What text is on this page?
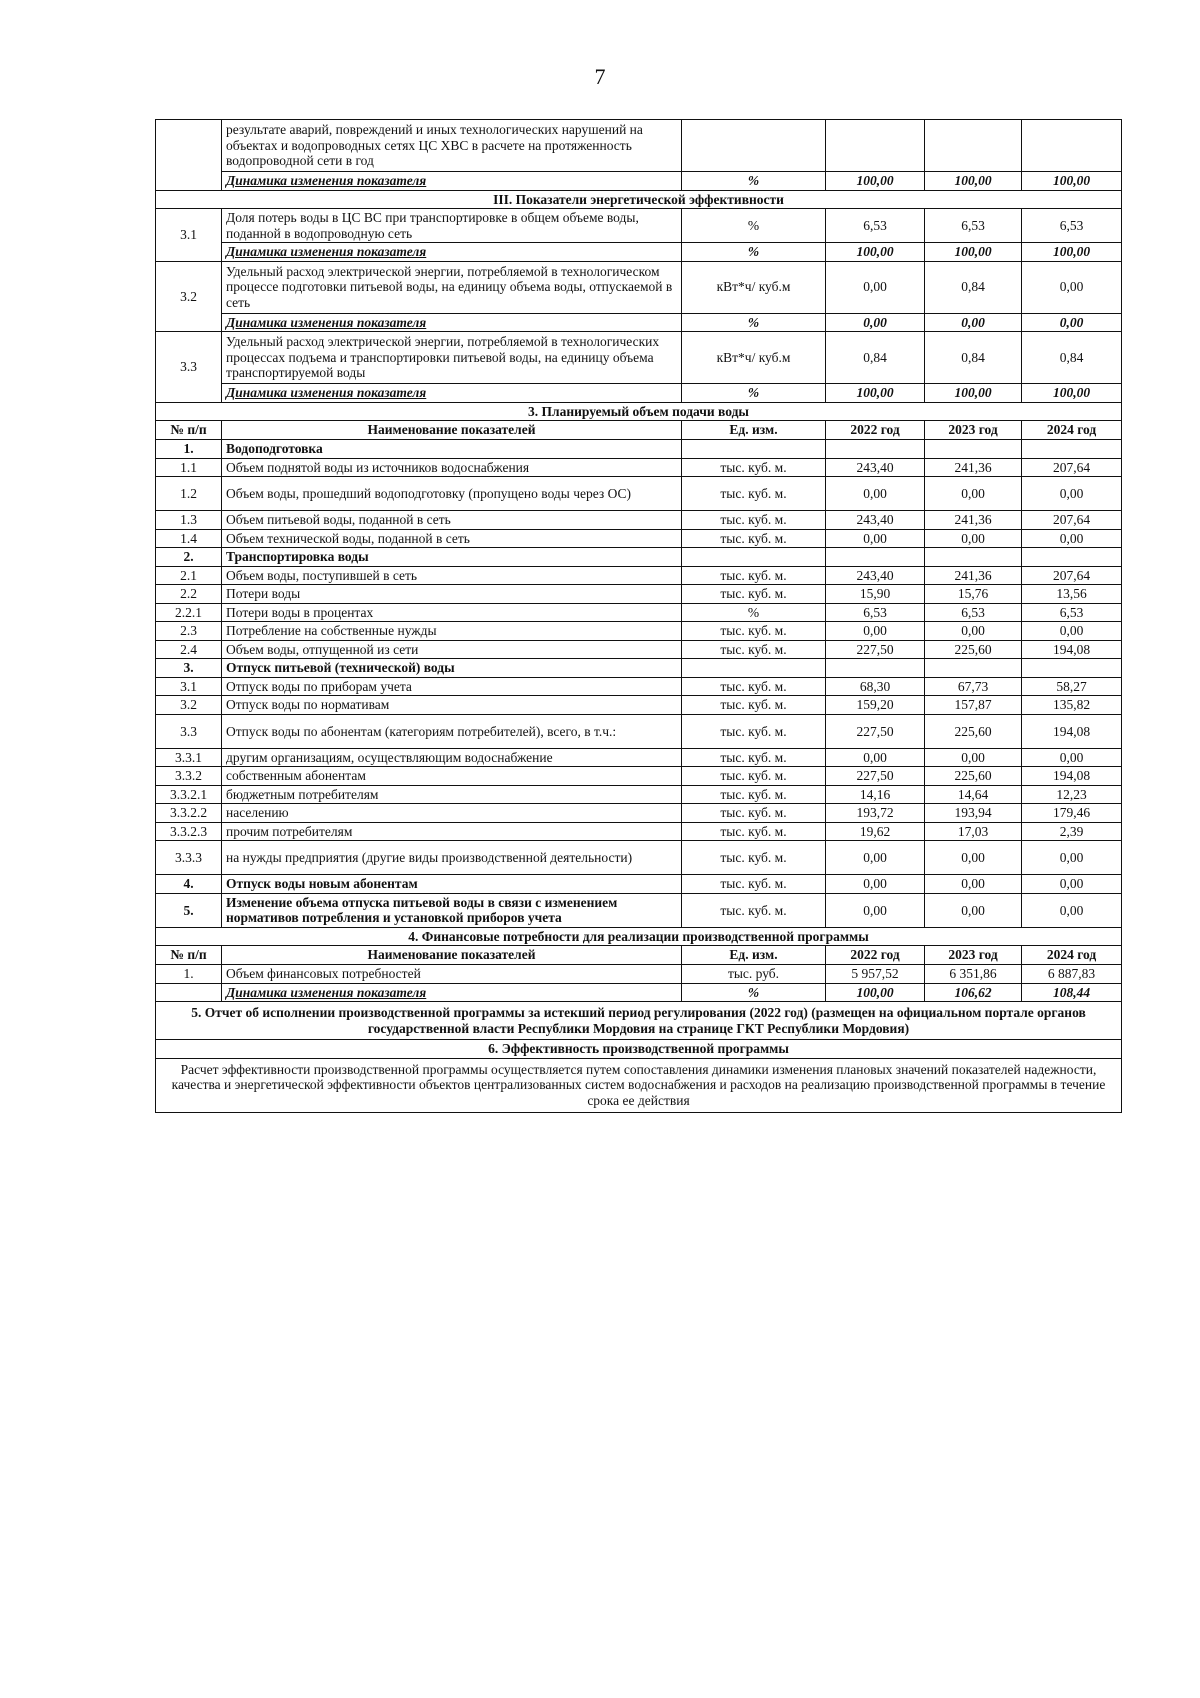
7
	результате аварий, повреждений и иных технологических нарушений на объектах и водопроводных сетях ЦС ХВС в расчете на протяженность водопроводной сети в год				
	Динамика изменения показателя	%	100,00	100,00	100,00
III. Показатели энергетической эффективности					
3.1	Доля потерь воды в ЦС ВС при транспортировке в общем объеме воды, поданной в водопроводную сеть	%	6,53	6,53	6,53
	Динамика изменения показателя	%	100,00	100,00	100,00
3.2	Удельный расход электрической энергии, потребляемой в технологическом процессе подготовки питьевой воды, на единицу объема воды, отпускаемой в сеть	кВт*ч/ куб.м	0,00	0,84	0,00
	Динамика изменения показателя	%	0,00	0,00	0,00
3.3	Удельный расход электрической энергии, потребляемой в технологических процессах подъема и транспортировки питьевой воды, на единицу объема транспортируемой воды	кВт*ч/ куб.м	0,84	0,84	0,84
	Динамика изменения показателя	%	100,00	100,00	100,00
3. Планируемый объем подачи воды					
№ п/п	Наименование показателей	Ед. изм.	2022 год	2023 год	2024 год
1.	Водоподготовка				
1.1	Объем поднятой воды из источников водоснабжения	тыс. куб. м.	243,40	241,36	207,64
1.2	Объем воды, прошедший водоподготовку (пропущено воды через ОС)	тыс. куб. м.	0,00	0,00	0,00
1.3	Объем питьевой воды, поданной в сеть	тыс. куб. м.	243,40	241,36	207,64
1.4	Объем технической воды, поданной в сеть	тыс. куб. м.	0,00	0,00	0,00
2.	Транспортировка воды				
2.1	Объем воды, поступившей в сеть	тыс. куб. м.	243,40	241,36	207,64
2.2	Потери воды	тыс. куб. м.	15,90	15,76	13,56
2.2.1	Потери воды в процентах	%	6,53	6,53	6,53
2.3	Потребление на собственные нужды	тыс. куб. м.	0,00	0,00	0,00
2.4	Объем воды, отпущенной из сети	тыс. куб. м.	227,50	225,60	194,08
3.	Отпуск питьевой (технической) воды				
3.1	Отпуск воды по приборам учета	тыс. куб. м.	68,30	67,73	58,27
3.2	Отпуск воды по нормативам	тыс. куб. м.	159,20	157,87	135,82
3.3	Отпуск воды по абонентам (категориям потребителей), всего, в т.ч.:	тыс. куб. м.	227,50	225,60	194,08
3.3.1	другим организациям, осуществляющим водоснабжение	тыс. куб. м.	0,00	0,00	0,00
3.3.2	собственным абонентам	тыс. куб. м.	227,50	225,60	194,08
3.3.2.1	бюджетным потребителям	тыс. куб. м.	14,16	14,64	12,23
3.3.2.2	населению	тыс. куб. м.	193,72	193,94	179,46
3.3.2.3	прочим потребителям	тыс. куб. м.	19,62	17,03	2,39
3.3.3	на нужды предприятия (другие виды производственной деятельности)	тыс. куб. м.	0,00	0,00	0,00
4.	Отпуск воды новым абонентам	тыс. куб. м.	0,00	0,00	0,00
5.	Изменение объема отпуска питьевой воды в связи с изменением нормативов потребления и установкой приборов учета	тыс. куб. м.	0,00	0,00	0,00
4. Финансовые потребности для реализации производственной программы					
№ п/п	Наименование показателей	Ед. изм.	2022 год	2023 год	2024 год
1.	Объем финансовых потребностей	тыс. руб.	5 957,52	6 351,86	6 887,83
	Динамика изменения показателя	%	100,00	106,62	108,44
5. Отчет об исполнении производственной программы за истекший период регулирования (2022 год) (размещен на официальном портале органов государственной власти Республики Мордовия на странице ГКТ Республики Мордовия)					
6. Эффективность производственной программы					
Расчет эффективности производственной программы осуществляется путем сопоставления динамики изменения плановых значений показателей надежности, качества и энергетической эффективности объектов централизованных систем водоснабжения и расходов на реализацию производственной программы в течение срока ее действия					
